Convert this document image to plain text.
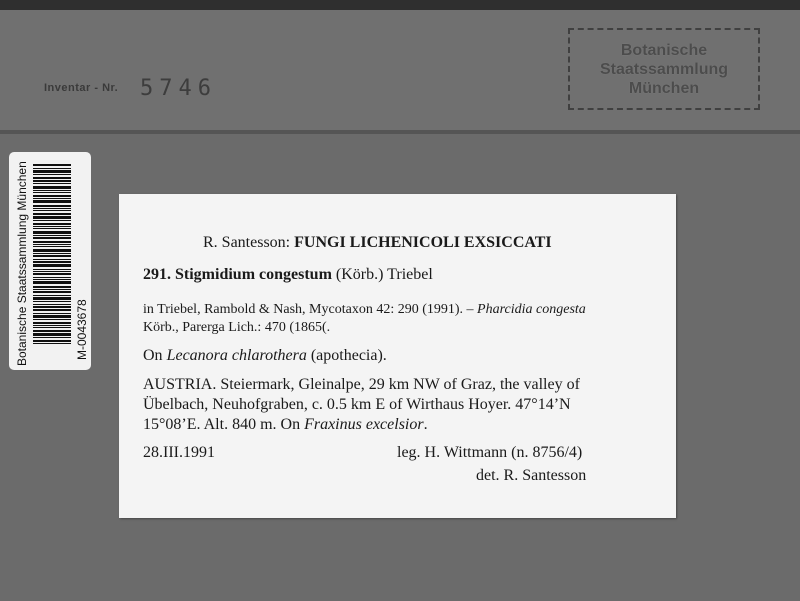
Inventar - Nr. 5746
Botanische
Staatssammlung
München
Botanische Staatssammlung München	M-0043678
R. Santesson: FUNGI LICHENICOLI EXSICCATI
291. Stigmidium congestum (Körb.) Triebel
in Triebel, Rambold & Nash, Mycotaxon 42: 290 (1991). – Pharcidia congesta
Körb., Parerga Lich.: 470 (1865(.
On Lecanora chlarothera (apothecia).
AUSTRIA. Steiermark, Gleinalpe, 29 km NW of Graz, the valley of
Übelbach, Neuhofgraben, c. 0.5 km E of Wirthaus Hoyer. 47°14’N
15°08’E. Alt. 840 m. On Fraxinus excelsior.
28.III.1991	leg. H. Wittmann (n. 8756/4)
det. R. Santesson
